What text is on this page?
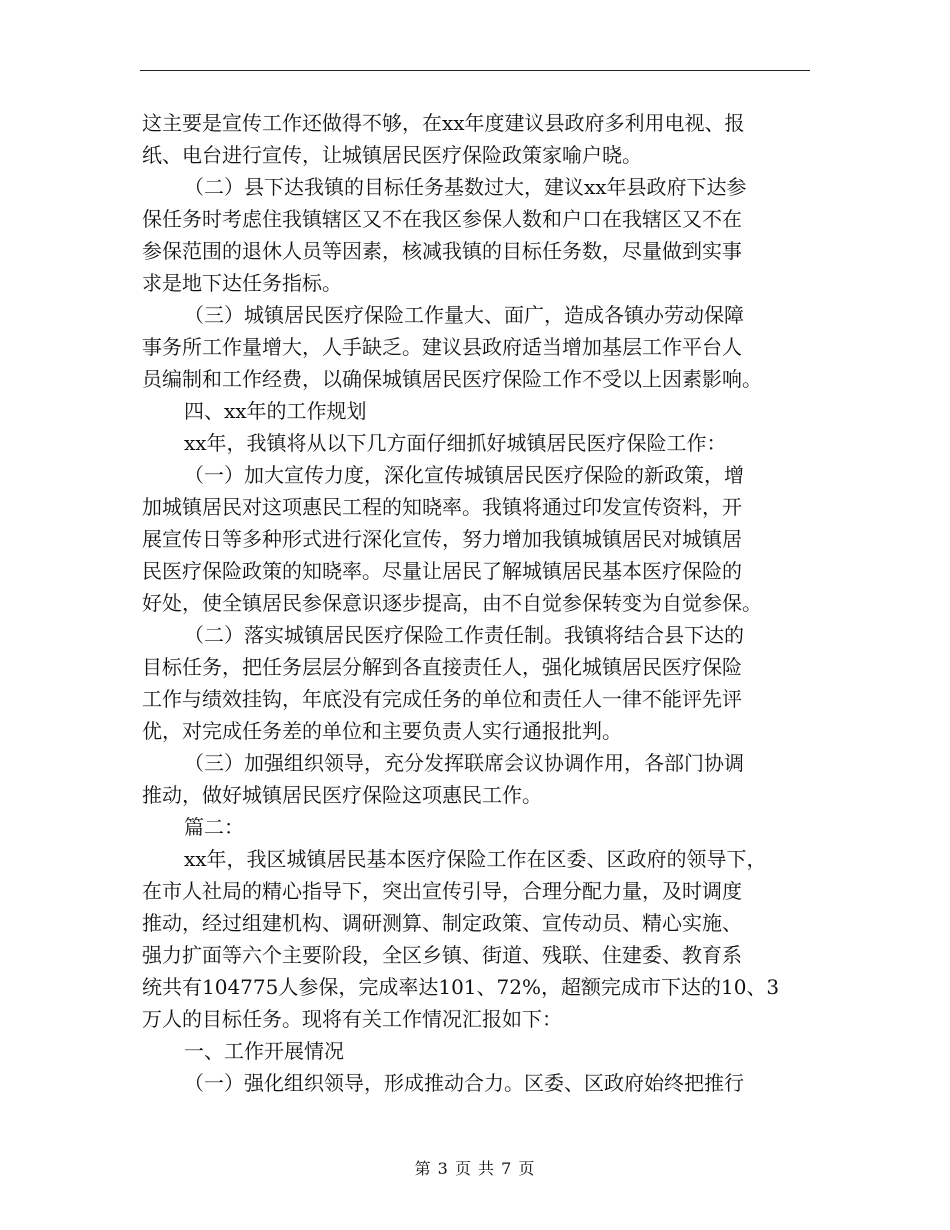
这主要是宣传工作还做得不够，在xx年度建议县政府多利用电视、报
纸、电台进行宣传，让城镇居民医疗保险政策家喻户晓。
（二）县下达我镇的目标任务基数过大，建议xx年县政府下达参
保任务时考虑住我镇辖区又不在我区参保人数和户口在我辖区又不在
参保范围的退休人员等因素，核减我镇的目标任务数，尽量做到实事
求是地下达任务指标。
（三）城镇居民医疗保险工作量大、面广，造成各镇办劳动保障
事务所工作量增大，人手缺乏。建议县政府适当增加基层工作平台人
员编制和工作经费，以确保城镇居民医疗保险工作不受以上因素影响。
四、xx年的工作规划
xx年，我镇将从以下几方面仔细抓好城镇居民医疗保险工作：
（一）加大宣传力度，深化宣传城镇居民医疗保险的新政策，增
加城镇居民对这项惠民工程的知晓率。我镇将通过印发宣传资料，开
展宣传日等多种形式进行深化宣传，努力增加我镇城镇居民对城镇居
民医疗保险政策的知晓率。尽量让居民了解城镇居民基本医疗保险的
好处，使全镇居民参保意识逐步提高，由不自觉参保转变为自觉参保。
（二）落实城镇居民医疗保险工作责任制。我镇将结合县下达的
目标任务，把任务层层分解到各直接责任人，强化城镇居民医疗保险
工作与绩效挂钩，年底没有完成任务的单位和责任人一律不能评先评
优，对完成任务差的单位和主要负责人实行通报批判。
（三）加强组织领导，充分发挥联席会议协调作用，各部门协调
推动，做好城镇居民医疗保险这项惠民工作。
篇二：
xx年，我区城镇居民基本医疗保险工作在区委、区政府的领导下，
在市人社局的精心指导下，突出宣传引导，合理分配力量，及时调度
推动，经过组建机构、调研测算、制定政策、宣传动员、精心实施、
强力扩面等六个主要阶段，全区乡镇、街道、残联、住建委、教育系
统共有104775人参保，完成率达101、72%，超额完成市下达的10、3
万人的目标任务。现将有关工作情况汇报如下：
一、工作开展情况
（一）强化组织领导，形成推动合力。区委、区政府始终把推行
第 3 页 共 7 页
